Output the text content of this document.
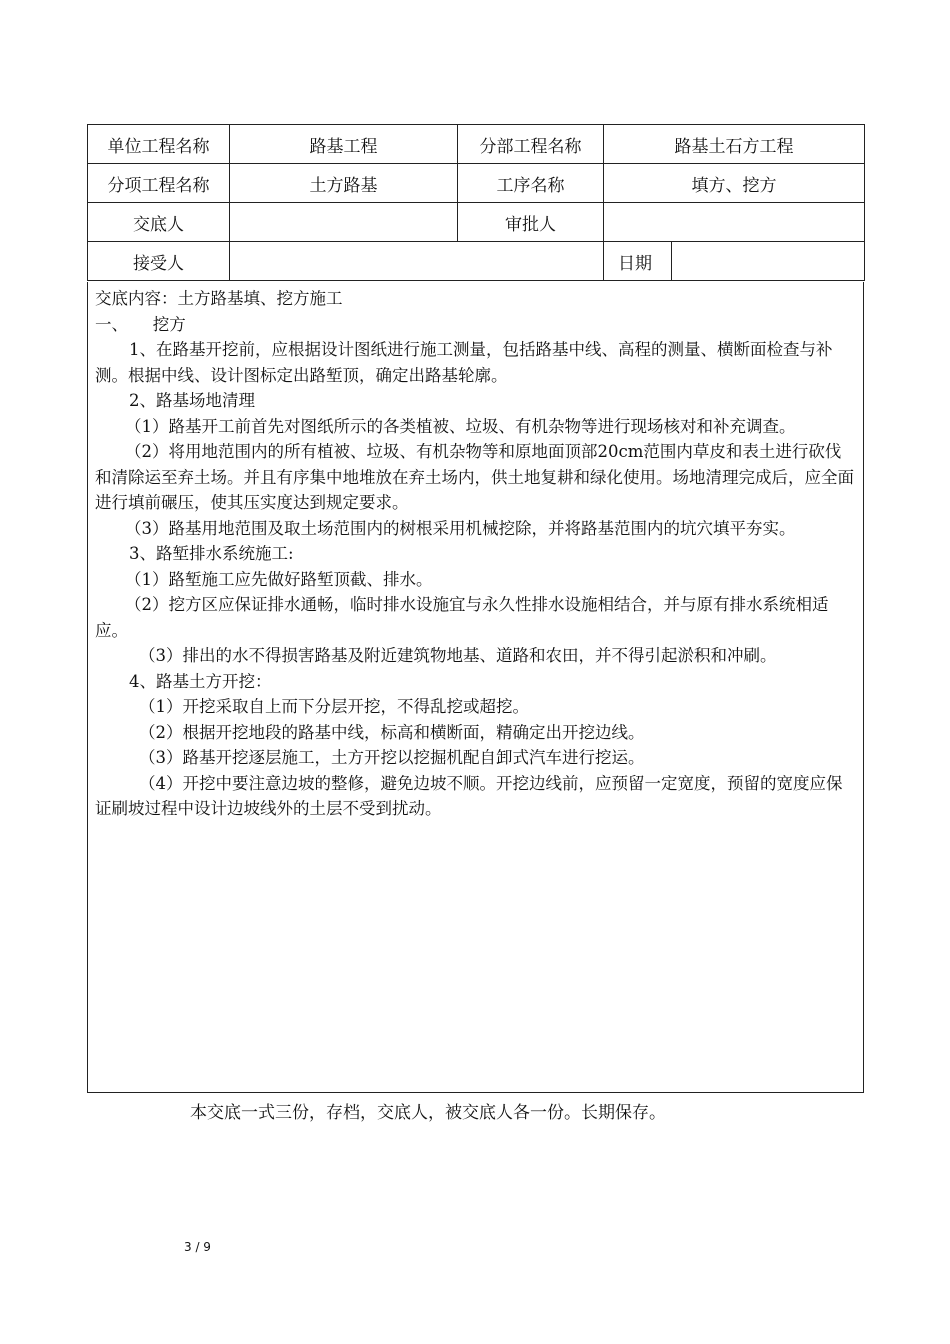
单位工程名称	路基工程	分部工程名称	路基土石方工程	
分项工程名称	土方路基	工序名称	填方、挖方	
交底人		审批人		
接受人			日期	

交底内容：土方路基填、挖方施工

一、　　挖方

1、在路基开挖前，应根据设计图纸进行施工测量，包括路基中线、高程的测量、横断面检查与补测。根据中线、设计图标定出路堑顶，确定出路基轮廓。

2、路基场地清理

（1）路基开工前首先对图纸所示的各类植被、垃圾、有机杂物等进行现场核对和补充调查。

（2）将用地范围内的所有植被、垃圾、有机杂物等和原地面顶部20cm范围内草皮和表土进行砍伐和清除运至弃土场。并且有序集中地堆放在弃土场内，供土地复耕和绿化使用。场地清理完成后，应全面进行填前碾压，使其压实度达到规定要求。

（3）路基用地范围及取土场范围内的树根采用机械挖除，并将路基范围内的坑穴填平夯实。

3、路堑排水系统施工:

（1）路堑施工应先做好路堑顶截、排水。

（2）挖方区应保证排水通畅，临时排水设施宜与永久性排水设施相结合，并与原有排水系统相适应。

（3）排出的水不得损害路基及附近建筑物地基、道路和农田，并不得引起淤积和冲刷。

4、路基土方开挖：

（1）开挖采取自上而下分层开挖，不得乱挖或超挖。

（2）根据开挖地段的路基中线，标高和横断面，精确定出开挖边线。

（3）路基开挖逐层施工，土方开挖以挖掘机配自卸式汽车进行挖运。

（4）开挖中要注意边坡的整修，避免边坡不顺。开挖边线前，应预留一定宽度，预留的宽度应保证刷坡过程中设计边坡线外的土层不受到扰动。

本交底一式三份，存档，交底人，被交底人各一份。长期保存。
3 / 9
